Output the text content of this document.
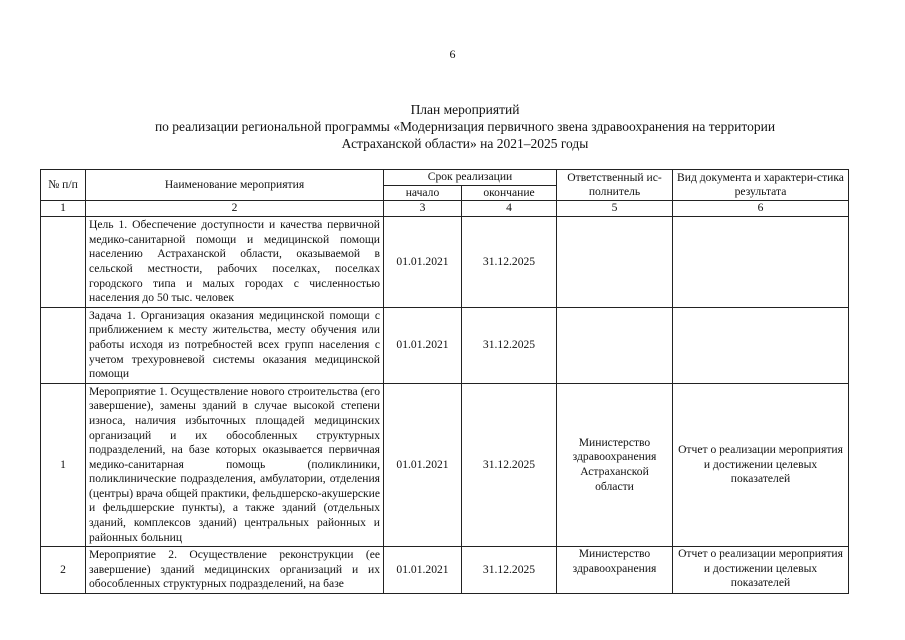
6
План мероприятий
по реализации региональной программы «Модернизация первичного звена здравоохранения на территории
Астраханской области» на 2021–2025 годы
№ п/п	Наименование мероприятия	Срок реализации		Ответственный ис-полнитель	Вид документа и характери-стика результата
		начало	окончание		
1	2	3	4	5	6
	Цель 1. Обеспечение доступности и качества первичной медико-санитарной помощи и медицинской помощи населению Астраханской области, оказываемой в сельской местности, рабочих поселках, поселках городского типа и малых городах с численностью населения до 50 тыс. человек	01.01.2021	31.12.2025		
	Задача 1. Организация оказания медицинской помощи с приближением к месту жительства, месту обучения или работы исходя из потребностей всех групп населения с учетом трехуровневой системы оказания медицинской помощи	01.01.2021	31.12.2025		
1	Мероприятие 1. Осуществление нового строительства (его завершение), замены зданий в случае высокой степени износа, наличия избыточных площадей медицинских организаций и их обособленных структурных подразделений, на базе которых оказывается первичная медико-санитарная помощь (поликлиники, поликлинические подразделения, амбулатории, отделения (центры) врача общей практики, фельдшерско-акушерские и фельдшерские пункты), а также зданий (отдельных зданий, комплексов зданий) центральных районных и районных больниц	01.01.2021	31.12.2025	Министерство здравоохранения Астраханской области	Отчет о реализации мероприятия и достижении целевых показателей
2	Мероприятие 2. Осуществление реконструкции (ее завершение) зданий медицинских организаций и их обособленных структурных подразделений, на базе	01.01.2021	31.12.2025	Министерство здравоохранения	Отчет о реализации мероприятия и достижении целевых показателей
